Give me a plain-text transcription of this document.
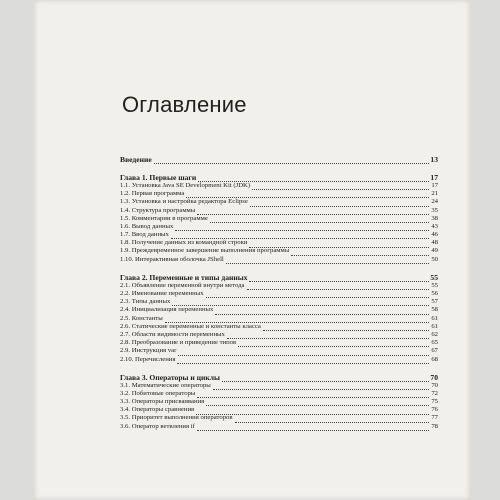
Оглавление
Введение	13
Глава 1. Первые шаги	17
1.1. Установка Java SE Development Kit (JDK)	17
1.2. Первая программа	21
1.3. Установка и настройка редактора Eclipse	24
1.4. Структура программы	35
1.5. Комментарии в программе	38
1.6. Вывод данных	43
1.7. Ввод данных	46
1.8. Получение данных из командной строки	48
1.9. Преждевременное завершение выполнения программы	49
1.10. Интерактивная оболочка JShell	50
Глава 2. Переменные и типы данных	55
2.1. Объявление переменной внутри метода	55
2.2. Именование переменных	56
2.3. Типы данных	57
2.4. Инициализация переменных	58
2.5. Константы	61
2.6. Статические переменные и константы класса	61
2.7. Области видимости переменных	62
2.8. Преобразование и приведение типов	65
2.9. Инструкция var	67
2.10. Перечисления	68
Глава 3. Операторы и циклы	70
3.1. Математические операторы	70
3.2. Побитовые операторы	72
3.3. Операторы присваивания	75
3.4. Операторы сравнения	76
3.5. Приоритет выполнения операторов	77
3.6. Оператор ветвления if	78
